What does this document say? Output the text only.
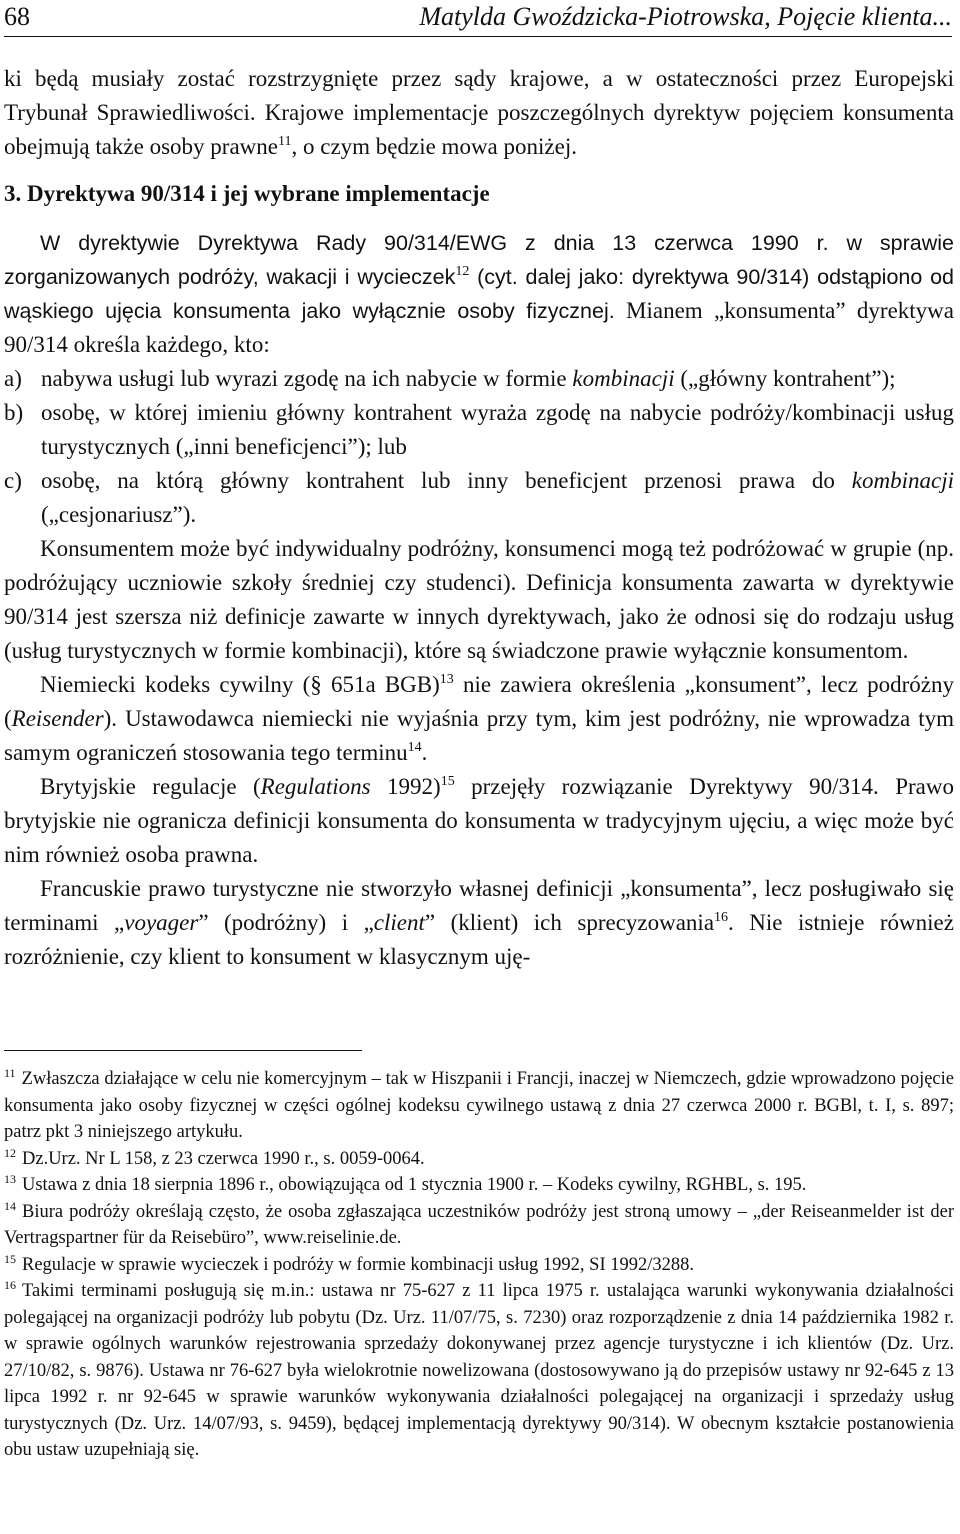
68	Matylda Gwoździcka-Piotrowska, Pojęcie klienta...

ki będą musiały zostać rozstrzygnięte przez sądy krajowe, a w ostateczności przez Europejski Trybunał Sprawiedliwości. Krajowe implementacje poszczególnych dyrektyw pojęciem konsumenta obejmują także osoby prawne$^{11}$, o czym będzie mowa poniżej.

3. Dyrektywa 90/314 i jej wybrane implementacje

W dyrektywie Dyrektywa Rady 90/314/EWG z dnia 13 czerwca 1990 r. w sprawie zorganizowanych podróży, wakacji i wycieczek$^{12}$ (cyt. dalej jako: dyrektywa 90/314) odstąpiono od wąskiego ujęcia konsumenta jako wyłącznie osoby fizycznej. Mianem „konsumenta” dyrektywa 90/314 określa każdego, kto:

a) nabywa usługi lub wyrazi zgodę na ich nabycie w formie kombinacji („główny kontrahent”);
b) osobę, w której imieniu główny kontrahent wyraża zgodę na nabycie podróży/kombinacji usług turystycznych („inni beneficjenci”); lub
c) osobę, na którą główny kontrahent lub inny beneficjent przenosi prawa do kombinacji („cesjonariusz”).

Konsumentem może być indywidualny podróżny, konsumenci mogą też podróżować w grupie (np. podróżujący uczniowie szkoły średniej czy studenci). Definicja konsumenta zawarta w dyrektywie 90/314 jest szersza niż definicje zawarte w innych dyrektywach, jako że odnosi się do rodzaju usług (usług turystycznych w formie kombinacji), które są świadczone prawie wyłącznie konsumentom.

Niemiecki kodeks cywilny (§ 651a BGB)$^{13}$ nie zawiera określenia „konsument”, lecz podróżny (Reisender). Ustawodawca niemiecki nie wyjaśnia przy tym, kim jest podróżny, nie wprowadza tym samym ograniczeń stosowania tego terminu$^{14}$.

Brytyjskie regulacje (Regulations 1992)$^{15}$ przejęły rozwiązanie Dyrektywy 90/314. Prawo brytyjskie nie ogranicza definicji konsumenta do konsumenta w tradycyjnym ujęciu, a więc może być nim również osoba prawna.

Francuskie prawo turystyczne nie stworzyło własnej definicji „konsumenta”, lecz posługiwało się terminami „voyager” (podróżny) i „client” (klient) ich sprecyzowania$^{16}$. Nie istnieje również rozróżnienie, czy klient to konsument w klasycznym uję-

$^{11}$ Zwłaszcza działające w celu nie komercyjnym – tak w Hiszpanii i Francji, inaczej w Niemczech, gdzie wprowadzono pojęcie konsumenta jako osoby fizycznej w części ogólnej kodeksu cywilnego ustawą z dnia 27 czerwca 2000 r. BGBl, t. I, s. 897; patrz pkt 3 niniejszego artykułu.

$^{12}$ Dz.Urz. Nr L 158, z 23 czerwca 1990 r., s. 0059-0064.

$^{13}$ Ustawa z dnia 18 sierpnia 1896 r., obowiązująca od 1 stycznia 1900 r. – Kodeks cywilny, RGHBL, s. 195.

$^{14}$ Biura podróży określają często, że osoba zgłaszająca uczestników podróży jest stroną umowy – „der Reiseanmelder ist der Vertragspartner für da Reisebüro”, www.reiselinie.de.

$^{15}$ Regulacje w sprawie wycieczek i podróży w formie kombinacji usług 1992, SI 1992/3288.

$^{16}$ Takimi terminami posługują się m.in.: ustawa nr 75-627 z 11 lipca 1975 r. ustalająca warunki wykonywania działalności polegającej na organizacji podróży lub pobytu (Dz. Urz. 11/07/75, s. 7230) oraz rozporządzenie z dnia 14 października 1982 r. w sprawie ogólnych warunków rejestrowania sprzedaży dokonywanej przez agencje turystyczne i ich klientów (Dz. Urz. 27/10/82, s. 9876). Ustawa nr 76-627 była wielokrotnie nowelizowana (dostosowywano ją do przepisów ustawy nr 92-645 z 13 lipca 1992 r. nr 92-645 w sprawie warunków wykonywania działalności polegającej na organizacji i sprzedaży usług turystycznych (Dz. Urz. 14/07/93, s. 9459), będącej implementacją dyrektywy 90/314). W obecnym kształcie postanowienia obu ustaw uzupełniają się.
